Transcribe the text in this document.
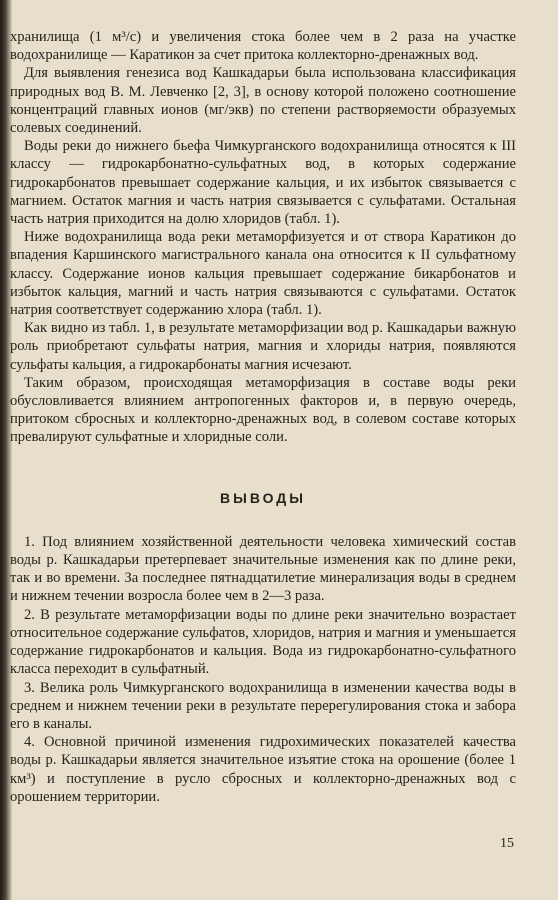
хранилища (1 м³/с) и увеличения стока более чем в 2 раза на участке водохранилище — Каратикон за счет притока коллекторно-дренажных вод.

Для выявления генезиса вод Кашкадарьи была использована классификация природных вод В. М. Левченко [2, 3], в основу которой положено соотношение концентраций главных ионов (мг/экв) по степени растворяемости образуемых солевых соединений.

Воды реки до нижнего бьефа Чимкурганского водохранилища относятся к III классу — гидрокарбонатно-сульфатных вод, в которых содержание гидрокарбонатов превышает содержание кальция, и их избыток связывается с магнием. Остаток магния и часть натрия связывается с сульфатами. Остальная часть натрия приходится на долю хлоридов (табл. 1).

Ниже водохранилища вода реки метаморфизуется и от створа Каратикон до впадения Каршинского магистрального канала она относится к II сульфатному классу. Содержание ионов кальция превышает содержание бикарбонатов и избыток кальция, магний и часть натрия связываются с сульфатами. Остаток натрия соответствует содержанию хлора (табл. 1).

Как видно из табл. 1, в результате метаморфизации вод р. Кашкадарьи важную роль приобретают сульфаты натрия, магния и хлориды натрия, появляются сульфаты кальция, а гидрокарбонаты магния исчезают.

Таким образом, происходящая метаморфизация в составе воды реки обусловливается влиянием антропогенных факторов и, в первую очередь, притоком сбросных и коллекторно-дренажных вод, в солевом составе которых превалируют сульфатные и хлоридные соли.

ВЫВОДЫ

1. Под влиянием хозяйственной деятельности человека химический состав воды р. Кашкадарьи претерпевает значительные изменения как по длине реки, так и во времени. За последнее пятнадцатилетие минерализация воды в среднем и нижнем течении возросла более чем в 2—3 раза.

2. В результате метаморфизации воды по длине реки значительно возрастает относительное содержание сульфатов, хлоридов, натрия и магния и уменьшается содержание гидрокарбонатов и кальция. Вода из гидрокарбонатно-сульфатного класса переходит в сульфатный.

3. Велика роль Чимкурганского водохранилища в изменении качества воды в среднем и нижнем течении реки в результате перерегулирования стока и забора его в каналы.

4. Основной причиной изменения гидрохимических показателей качества воды р. Кашкадарьи является значительное изъятие стока на орошение (более 1 км³) и поступление в русло сбросных и коллекторно-дренажных вод с орошением территории.

15
